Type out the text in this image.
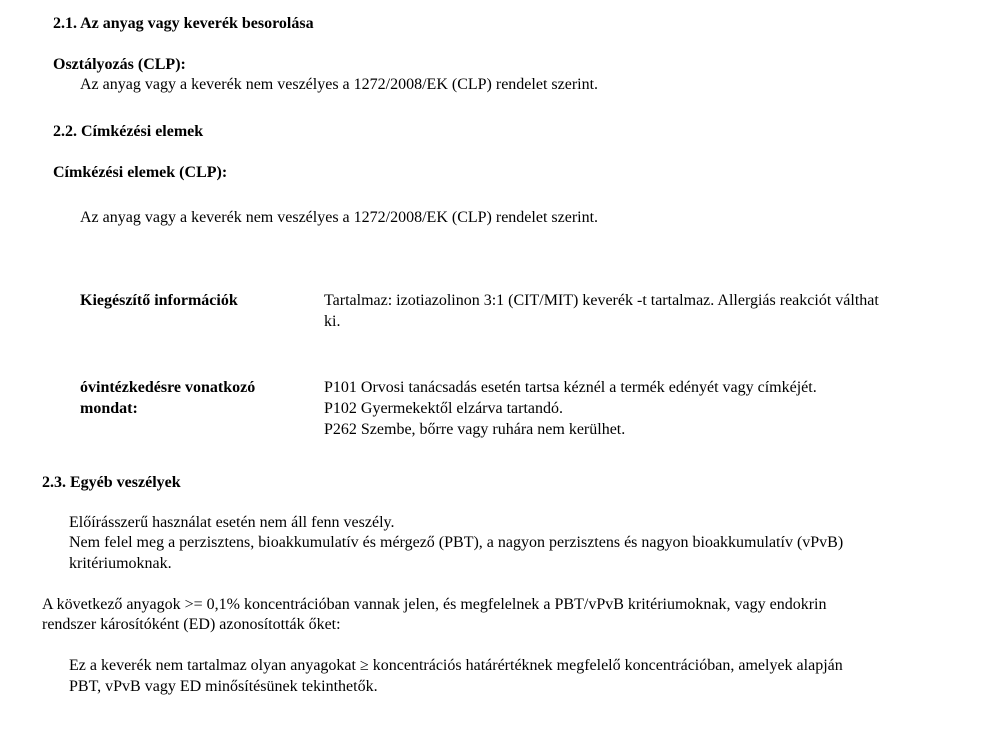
2.1. Az anyag vagy keverék besorolása
Osztályozás (CLP):
Az anyag vagy a keverék nem veszélyes a 1272/2008/EK (CLP) rendelet szerint.
2.2. Címkézési elemek
Címkézési elemek (CLP):
Az anyag vagy a keverék nem veszélyes a 1272/2008/EK (CLP) rendelet szerint.
Kiegészítő információk	Tartalmaz: izotiazolinon 3:1 (CIT/MIT) keverék -t tartalmaz. Allergiás reakciót válthat
ki.
óvintézkedésre vonatkozó
mondat:
P101 Orvosi tanácsadás esetén tartsa kéznél a termék edényét vagy címkéjét.
P102 Gyermekektől elzárva tartandó.
P262 Szembe, bőrre vagy ruhára nem kerülhet.
2.3. Egyéb veszélyek
Előírásszerű használat esetén nem áll fenn veszély.
Nem felel meg a perzisztens, bioakkumulatív és mérgező (PBT), a nagyon perzisztens és nagyon bioakkumulatív (vPvB)
kritériumoknak.
A következő anyagok >= 0,1% koncentrációban vannak jelen, és megfelelnek a PBT/vPvB kritériumoknak, vagy endokrin
rendszer károsítóként (ED) azonosították őket:
Ez a keverék nem tartalmaz olyan anyagokat ≥ koncentrációs határértéknek megfelelő koncentrációban, amelyek alapján
PBT, vPvB vagy ED minősítésünek tekinthetők.
